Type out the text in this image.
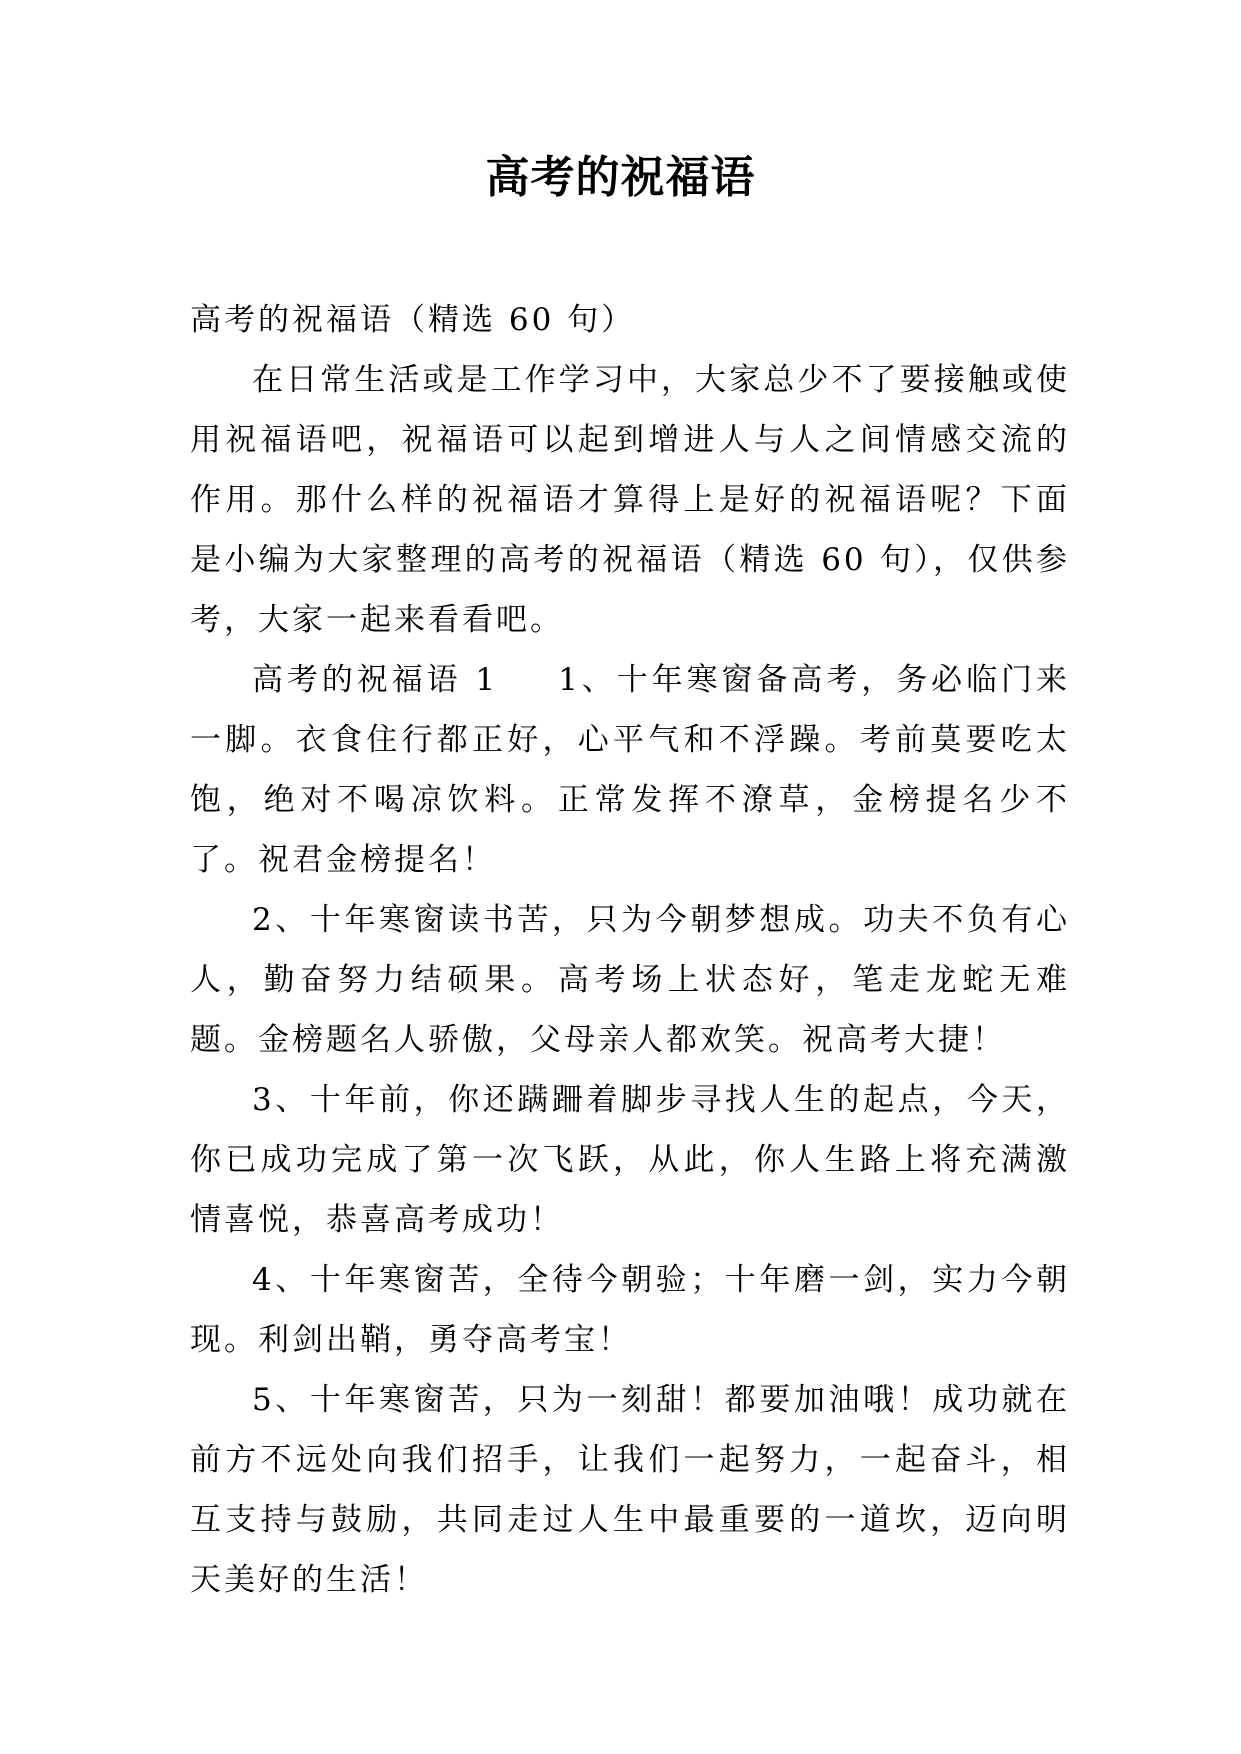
高考的祝福语

高考的祝福语（精选 60 句）

在日常生活或是工作学习中，大家总少不了要接触或使用祝福语吧，祝福语可以起到增进人与人之间情感交流的作用。那什么样的祝福语才算得上是好的祝福语呢？下面是小编为大家整理的高考的祝福语（精选 60 句），仅供参考，大家一起来看看吧。

高考的祝福语 1 1、十年寒窗备高考，务必临门来一脚。衣食住行都正好，心平气和不浮躁。考前莫要吃太饱，绝对不喝凉饮料。正常发挥不潦草，金榜提名少不了。祝君金榜提名！

2、十年寒窗读书苦，只为今朝梦想成。功夫不负有心人，勤奋努力结硕果。高考场上状态好，笔走龙蛇无难题。金榜题名人骄傲，父母亲人都欢笑。祝高考大捷！

3、十年前，你还蹒跚着脚步寻找人生的起点，今天，你已成功完成了第一次飞跃，从此，你人生路上将充满激情喜悦，恭喜高考成功！

4、十年寒窗苦，全待今朝验；十年磨一剑，实力今朝现。利剑出鞘，勇夺高考宝！

5、十年寒窗苦，只为一刻甜！都要加油哦！成功就在前方不远处向我们招手，让我们一起努力，一起奋斗，相互支持与鼓励，共同走过人生中最重要的一道坎，迈向明天美好的生活！
